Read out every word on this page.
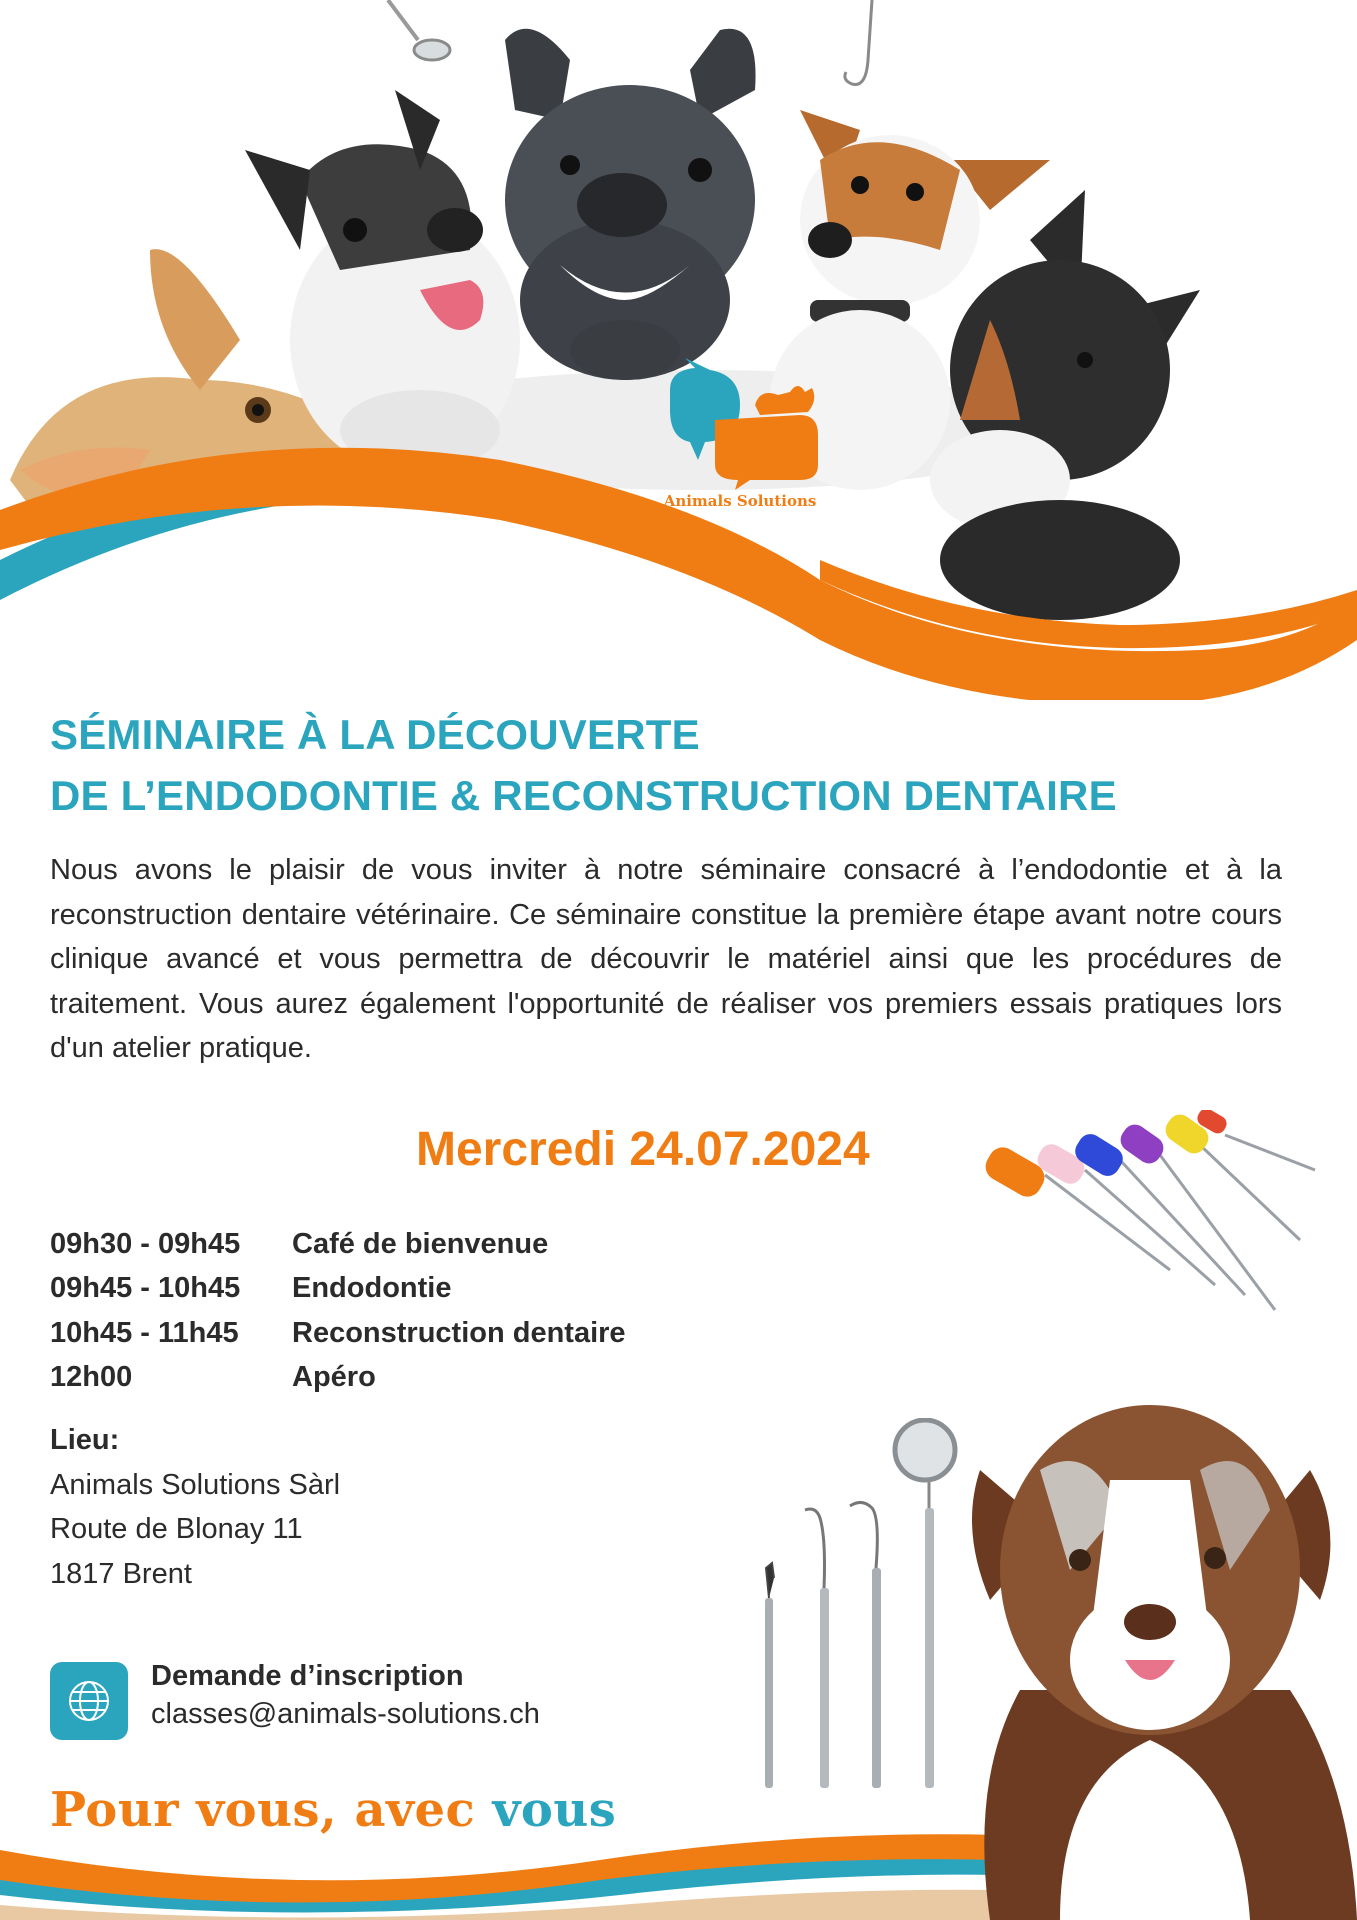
Animals Solutions
SÉMINAIRE À LA DÉCOUVERTE
DE L’ENDODONTIE & RECONSTRUCTION DENTAIRE

Nous avons le plaisir de vous inviter à notre séminaire consacré à l’endodontie et à la reconstruction dentaire vétérinaire. Ce séminaire constitue la première étape avant notre cours clinique avancé et vous permettra de découvrir le matériel ainsi que les procédures de traitement. Vous aurez également l'opportunité de réaliser vos premiers essais pratiques lors d'un atelier pratique.

Mercredi 24.07.2024
09h30 - 09h45	Café de bienvenue
09h45 - 10h45	Endodontie
10h45 - 11h45	Reconstruction dentaire
12h00	Apéro
Lieu:
Animals Solutions Sàrl
Route de Blonay 11
1817 Brent
Demande d’inscription
classes@animals-solutions.ch
Pour vous, avec vous
